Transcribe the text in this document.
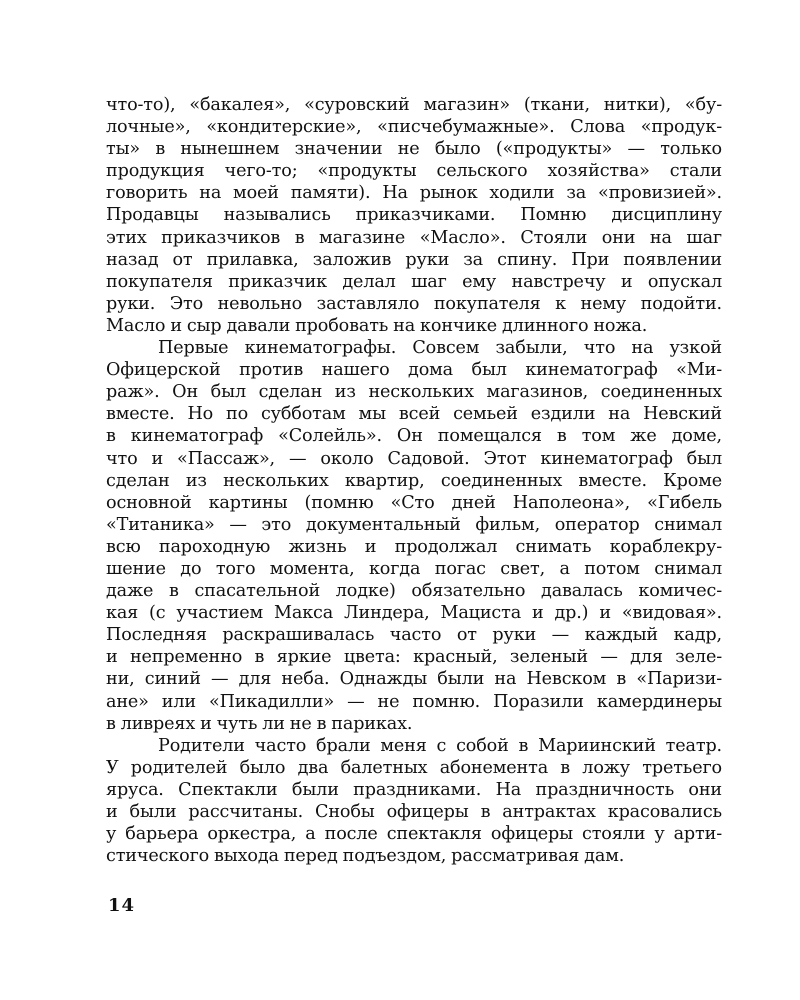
что-то), «бакалея», «суровский магазин» (ткани, нитки), «бу-
лочные», «кондитерские», «писчебумажные». Слова «продук-
ты» в нынешнем значении не было («продукты» — только
продукция чего-то; «продукты сельского хозяйства» стали
говорить на моей памяти). На рынок ходили за «провизией».
Продавцы назывались приказчиками. Помню дисциплину
этих приказчиков в магазине «Масло». Стояли они на шаг
назад от прилавка, заложив руки за спину. При появлении
покупателя приказчик делал шаг ему навстречу и опускал
руки. Это невольно заставляло покупателя к нему подойти.
Масло и сыр давали пробовать на кончике длинного ножа.
Первые кинематографы. Совсем забыли, что на узкой
Офицерской против нашего дома был кинематограф «Ми-
раж». Он был сделан из нескольких магазинов, соединенных
вместе. Но по субботам мы всей семьей ездили на Невский
в кинематограф «Солейль». Он помещался в том же доме,
что и «Пассаж», — около Садовой. Этот кинематограф был
сделан из нескольких квартир, соединенных вместе. Кроме
основной картины (помню «Сто дней Наполеона», «Гибель
«Титаника» — это документальный фильм, оператор снимал
всю пароходную жизнь и продолжал снимать кораблекру-
шение до того момента, когда погас свет, а потом снимал
даже в спасательной лодке) обязательно давалась комичес-
кая (с участием Макса Линдера, Мациста и др.) и «видовая».
Последняя раскрашивалась часто от руки — каждый кадр,
и непременно в яркие цвета: красный, зеленый — для зеле-
ни, синий — для неба. Однажды были на Невском в «Паризи-
ане» или «Пикадилли» — не помню. Поразили камердинеры
в ливреях и чуть ли не в париках.
Родители часто брали меня с собой в Мариинский театр.
У родителей было два балетных абонемента в ложу третьего
яруса. Спектакли были праздниками. На праздничность они
и были рассчитаны. Снобы офицеры в антрактах красовались
у барьера оркестра, а после спектакля офицеры стояли у арти-
стического выхода перед подъездом, рассматривая дам.
14
